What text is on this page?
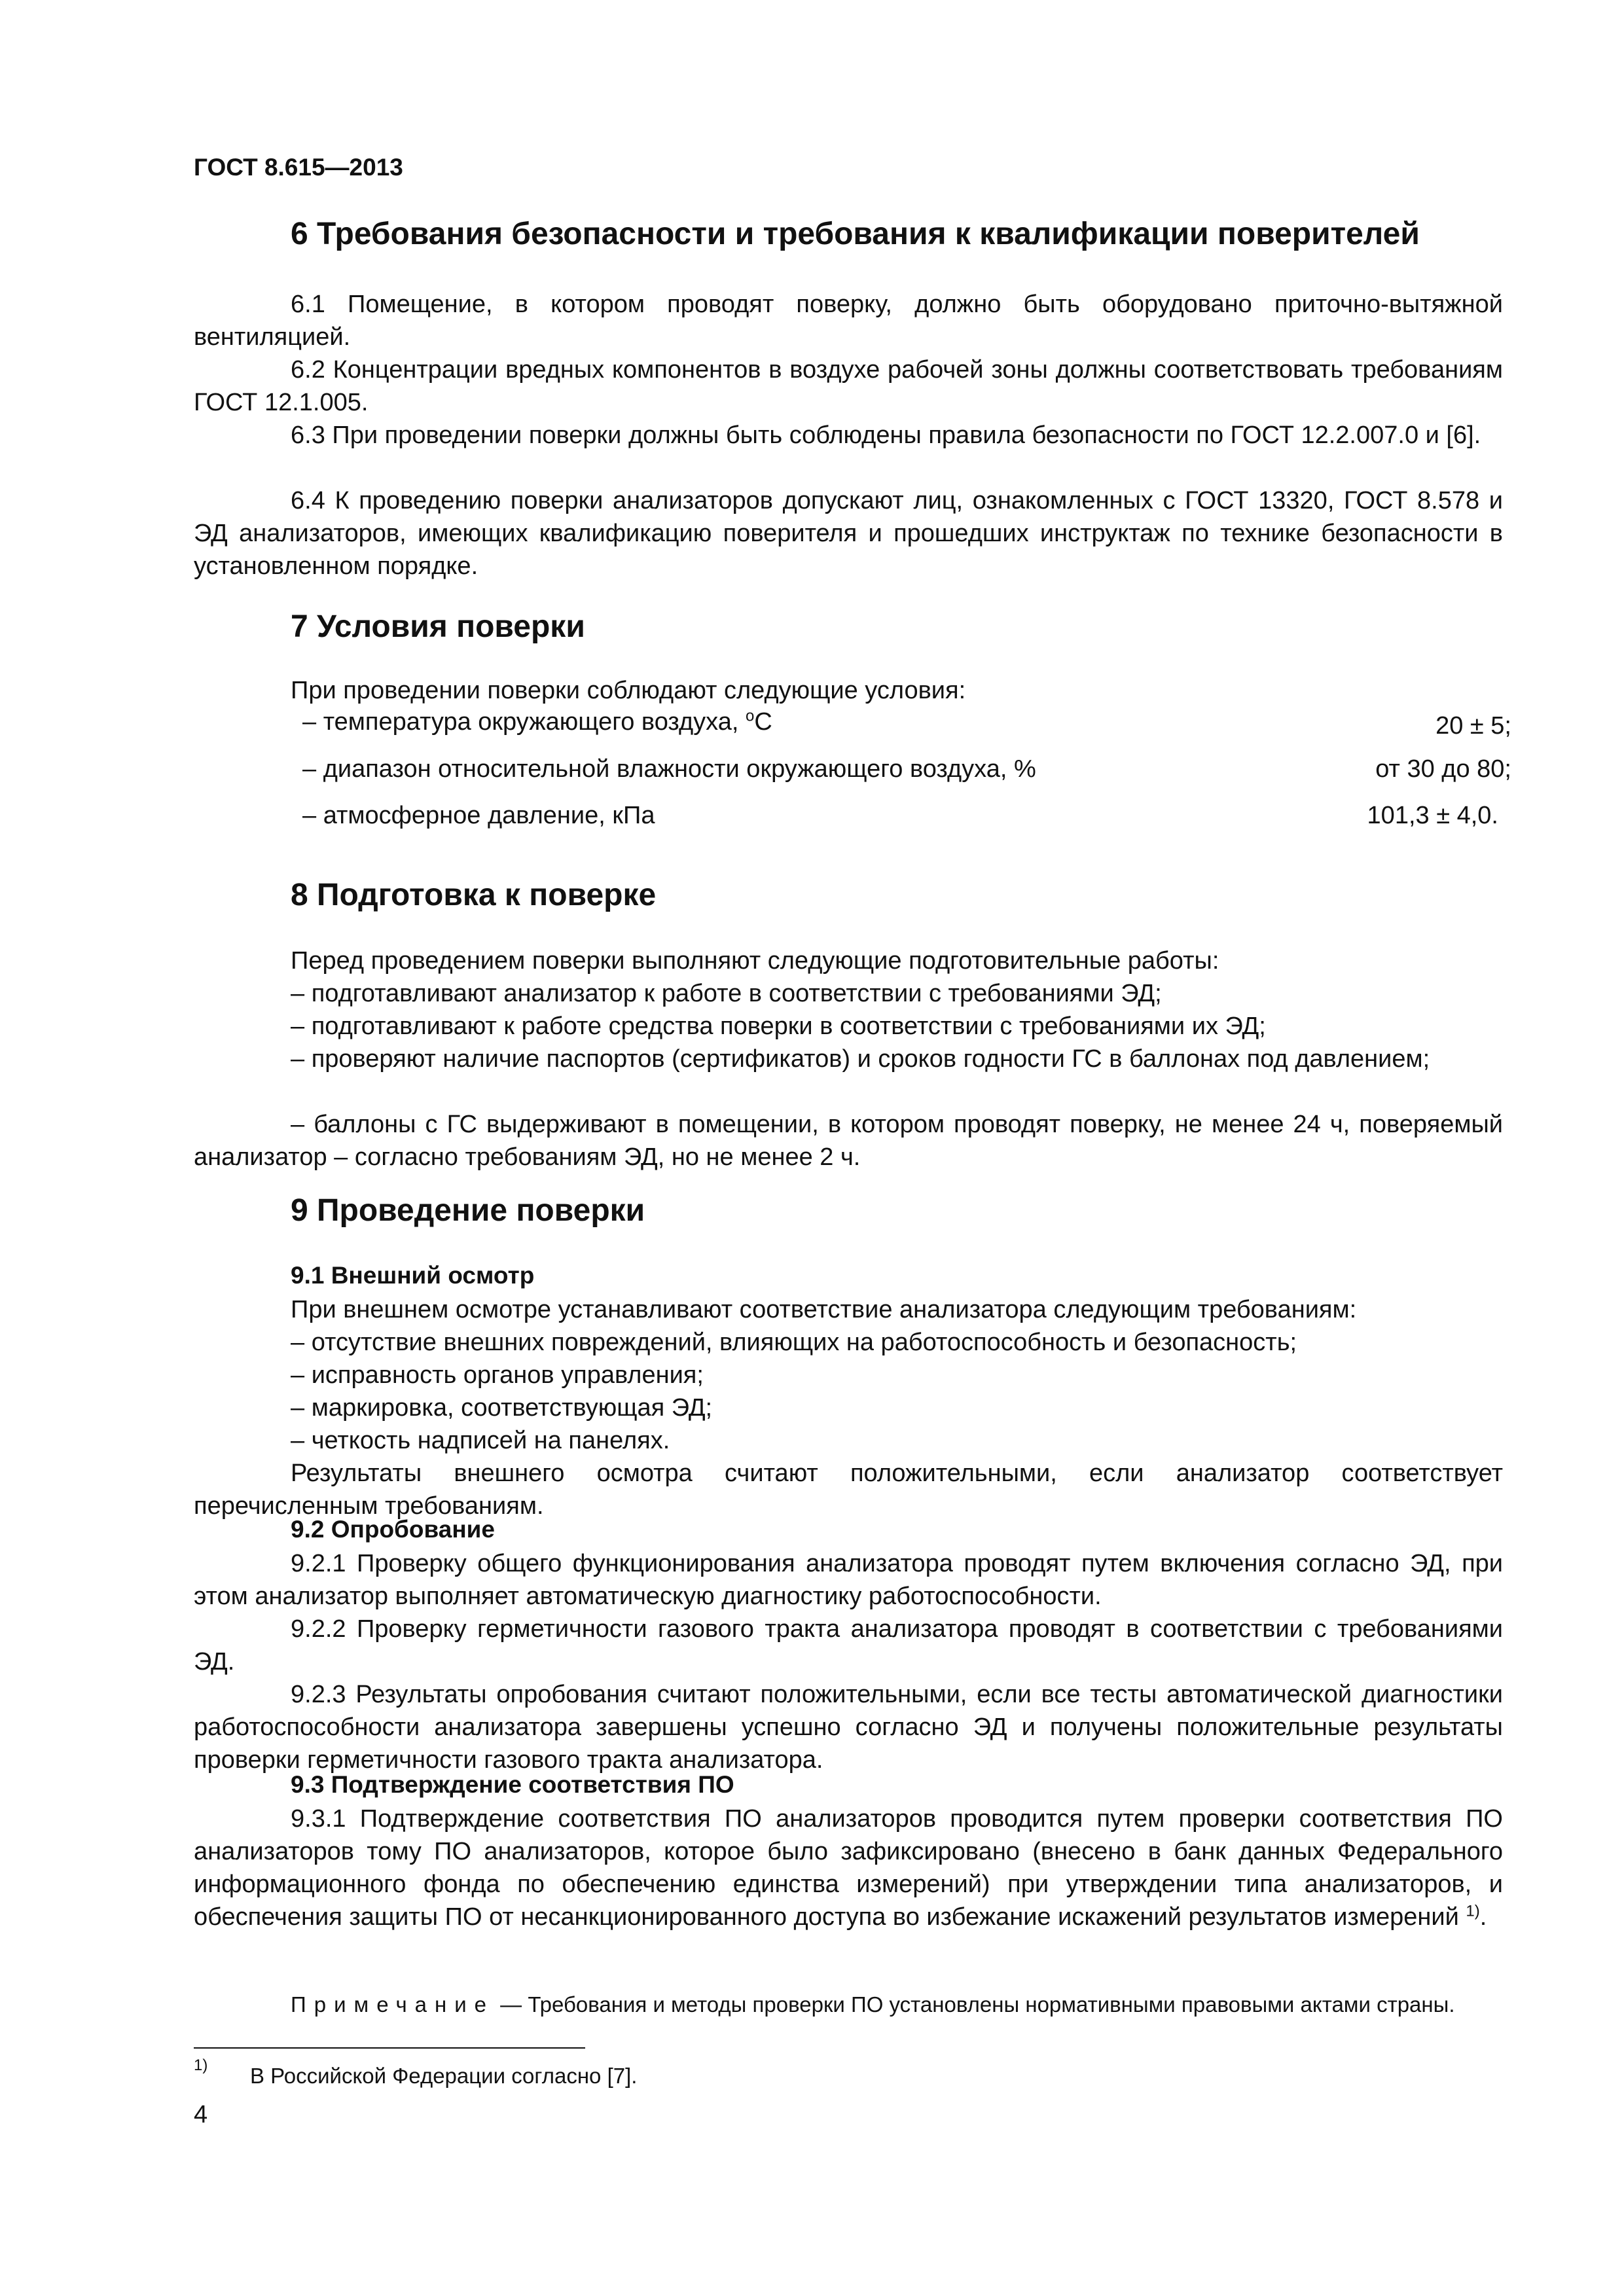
ГОСТ 8.615—2013
6 Требования безопасности и требования к квалификации поверителей
6.1 Помещение, в котором проводят поверку, должно быть оборудовано приточно-вытяжной вентиляцией.
6.2 Концентрации вредных компонентов в воздухе рабочей зоны должны соответствовать требованиям ГОСТ 12.1.005.
6.3 При проведении поверки должны быть соблюдены правила безопасности по ГОСТ 12.2.007.0 и [6].
6.4 К проведению поверки анализаторов допускают лиц, ознакомленных с ГОСТ 13320, ГОСТ 8.578 и ЭД анализаторов, имеющих квалификацию поверителя и прошедших инструктаж по технике безопасности в установленном порядке.
7 Условия поверки
При проведении поверки соблюдают следующие условия:
– температура окружающего воздуха, $^o$С	20 ± 5;
– диапазон относительной влажности окружающего воздуха, %	от 30 до 80;
– атмосферное давление, кПа	101,3 ± 4,0.
8 Подготовка к поверке
Перед проведением поверки выполняют следующие подготовительные работы:
– подготавливают анализатор к работе в соответствии с требованиями ЭД;
– подготавливают к работе средства поверки в соответствии с требованиями их ЭД;
– проверяют наличие паспортов (сертификатов) и сроков годности ГС в баллонах под давлением;
– баллоны с ГС выдерживают в помещении, в котором проводят поверку, не менее 24 ч, поверяемый анализатор – согласно требованиям ЭД, но не менее 2 ч.
9 Проведение поверки
9.1 Внешний осмотр
При внешнем осмотре устанавливают соответствие анализатора следующим требованиям:
– отсутствие внешних повреждений, влияющих на работоспособность и безопасность;
– исправность органов управления;
– маркировка, соответствующая ЭД;
– четкость надписей на панелях.
Результаты внешнего осмотра считают положительными, если анализатор соответствует перечисленным требованиям.
9.2 Опробование
9.2.1 Проверку общего функционирования анализатора проводят путем включения согласно ЭД, при этом анализатор выполняет автоматическую диагностику работоспособности.
9.2.2 Проверку герметичности газового тракта анализатора проводят в соответствии с требованиями ЭД.
9.2.3 Результаты опробования считают положительными, если все тесты автоматической диагностики работоспособности анализатора завершены успешно согласно ЭД и получены положительные результаты проверки герметичности газового тракта анализатора.
9.3 Подтверждение соответствия ПО
9.3.1 Подтверждение соответствия ПО анализаторов проводится путем проверки соответствия ПО анализаторов тому ПО анализаторов, которое было зафиксировано (внесено в банк данных Федерального информационного фонда по обеспечению единства измерений) при утверждении типа анализаторов, и обеспечения защиты ПО от несанкционированного доступа во избежание искажений результатов измерений $^{1)}$.
Примечание — Требования и методы проверки ПО установлены нормативными правовыми актами страны.
1) В Российской Федерации согласно [7].
4
